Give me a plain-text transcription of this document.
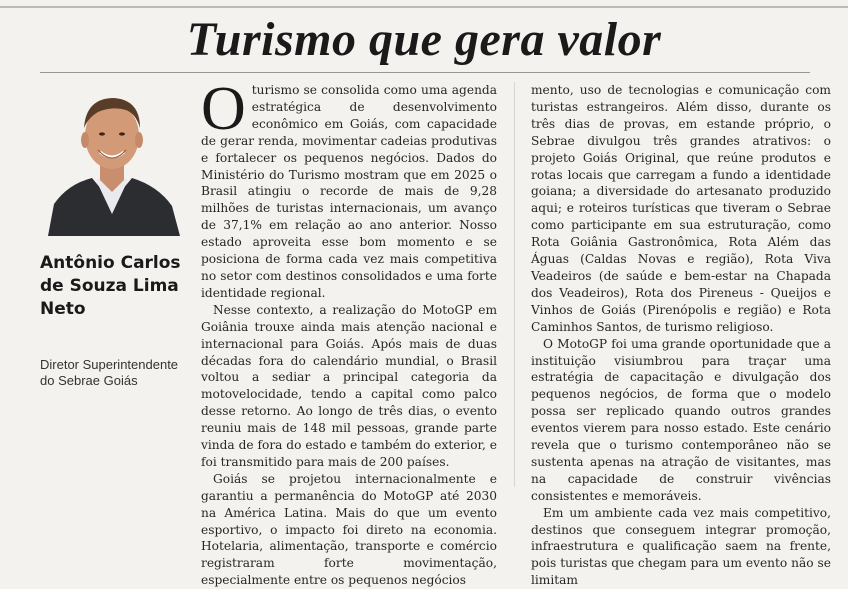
Turismo que gera valor

Antônio Carlos de Souza Lima Neto

Diretor Superintendente do Sebrae Goiás

Oturismo se consolida como uma agenda estratégica de desenvolvimento econômico em Goiás, com capacidade de gerar renda, movimentar cadeias produtivas e fortalecer os pequenos negócios. Dados do Ministério do Turismo mostram que em 2025 o Brasil atingiu o recorde de mais de 9,28 milhões de turistas internacionais, um avanço de 37,1% em relação ao ano anterior. Nosso estado aproveita esse bom momento e se posiciona de forma cada vez mais competitiva no setor com destinos consolidados e uma forte identidade regional.

Nesse contexto, a realização do MotoGP em Goiânia trouxe ainda mais atenção nacional e internacional para Goiás. Após mais de duas décadas fora do calendário mundial, o Brasil voltou a sediar a principal categoria da motovelocidade, tendo a capital como palco desse retorno. Ao longo de três dias, o evento reuniu mais de 148 mil pessoas, grande parte vinda de fora do estado e também do exterior, e foi transmitido para mais de 200 países.

Goiás se projetou internacionalmente e garantiu a permanência do MotoGP até 2030 na América Latina. Mais do que um evento esportivo, o impacto foi direto na economia. Hotelaria, alimentação, transporte e comércio registraram forte movimentação, especialmente entre os pequenos negócios

mento, uso de tecnologias e comunicação com turistas estrangeiros. Além disso, durante os três dias de provas, em estande próprio, o Sebrae divulgou três grandes atrativos: o projeto Goiás Original, que reúne produtos e rotas locais que carregam a fundo a identidade goiana; a diversidade do artesanato produzido aqui; e roteiros turísticas que tiveram o Sebrae como participante em sua estruturação, como Rota Goiânia Gastronômica, Rota Além das Águas (Caldas Novas e região), Rota Viva Veadeiros (de saúde e bem-estar na Chapada dos Veadeiros), Rota dos Pireneus - Queijos e Vinhos de Goiás (Pirenópolis e região) e Rota Caminhos Santos, de turismo religioso.

O MotoGP foi uma grande oportunidade que a instituição visiumbrou para traçar uma estratégia de capacitação e divulgação dos pequenos negócios, de forma que o modelo possa ser replicado quando outros grandes eventos vierem para nosso estado. Este cenário revela que o turismo contemporâneo não se sustenta apenas na atração de visitantes, mas na capacidade de construir vivências consistentes e memoráveis.

Em um ambiente cada vez mais competitivo, destinos que conseguem integrar promoção, infraestrutura e qualificação saem na frente, pois turistas que chegam para um evento não se limitam
